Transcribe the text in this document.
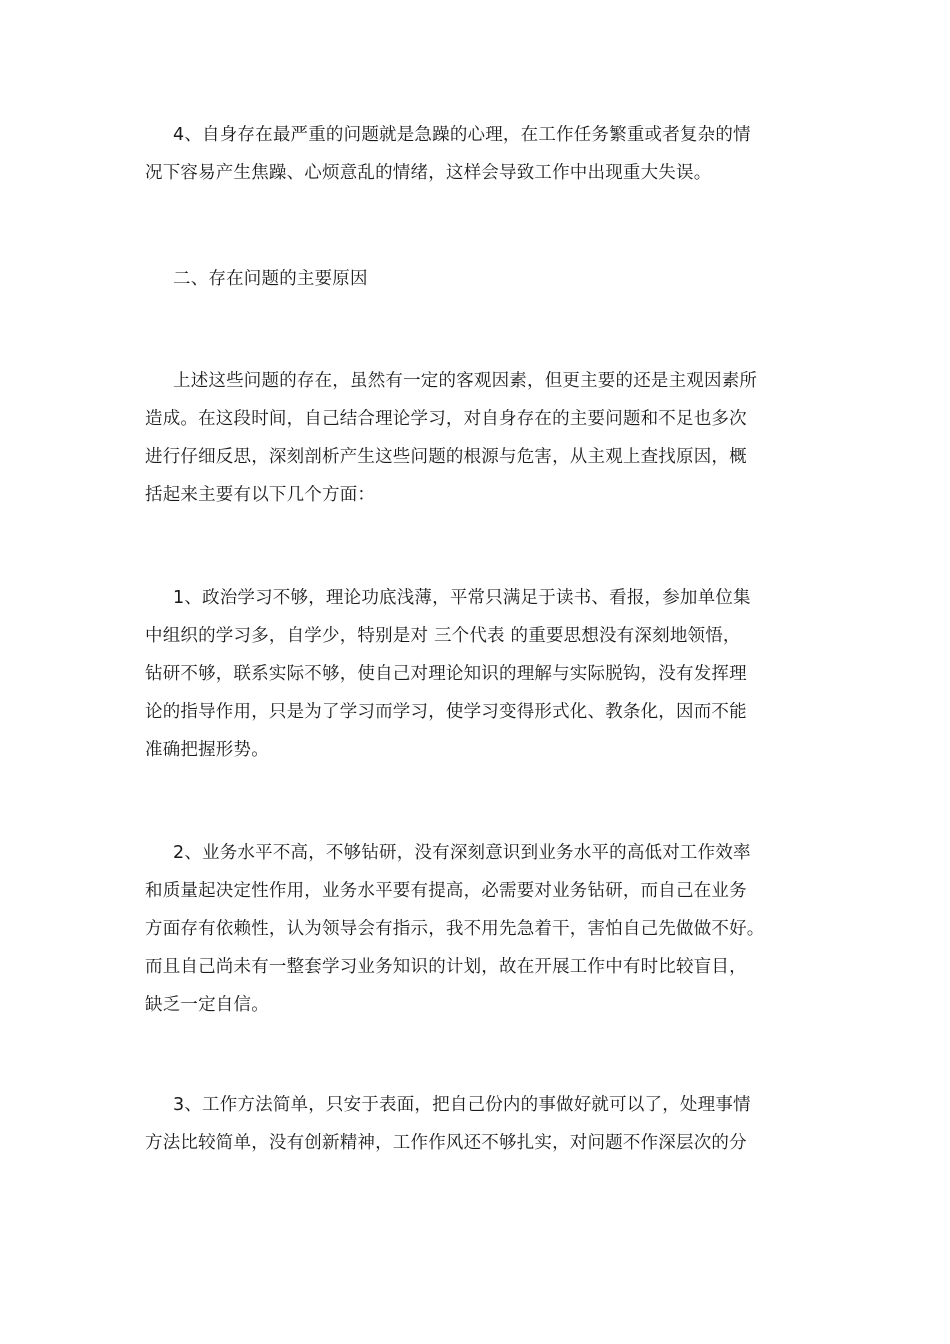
4、自身存在最严重的问题就是急躁的心理，在工作任务繁重或者复杂的情
况下容易产生焦躁、心烦意乱的情绪，这样会导致工作中出现重大失误。
二、存在问题的主要原因
上述这些问题的存在，虽然有一定的客观因素，但更主要的还是主观因素所
造成。在这段时间，自己结合理论学习，对自身存在的主要问题和不足也多次
进行仔细反思，深刻剖析产生这些问题的根源与危害，从主观上查找原因，概
括起来主要有以下几个方面：
1、政治学习不够，理论功底浅薄，平常只满足于读书、看报，参加单位集
中组织的学习多，自学少，特别是对 三个代表 的重要思想没有深刻地领悟，
钻研不够，联系实际不够，使自己对理论知识的理解与实际脱钩，没有发挥理
论的指导作用，只是为了学习而学习，使学习变得形式化、教条化，因而不能
准确把握形势。
2、业务水平不高，不够钻研，没有深刻意识到业务水平的高低对工作效率
和质量起决定性作用，业务水平要有提高，必需要对业务钻研，而自己在业务
方面存有依赖性，认为领导会有指示，我不用先急着干，害怕自己先做做不好。
而且自己尚未有一整套学习业务知识的计划，故在开展工作中有时比较盲目，
缺乏一定自信。
3、工作方法简单，只安于表面，把自己份内的事做好就可以了，处理事情
方法比较简单，没有创新精神，工作作风还不够扎实，对问题不作深层次的分
